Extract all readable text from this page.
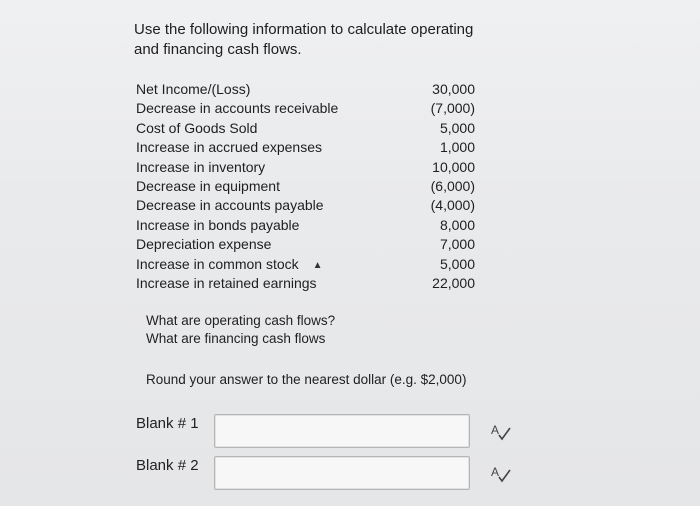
Use the following information to calculate operating
and financing cash flows.
Net Income/(Loss)	30,000
Decrease in accounts receivable	(7,000)
Cost of Goods Sold	5,000
Increase in accrued expenses	1,000
Increase in inventory	10,000
Decrease in equipment	(6,000)
Decrease in accounts payable	(4,000)
Increase in bonds payable	8,000
Depreciation expense	7,000
Increase in common stock ▲	5,000
Increase in retained earnings	22,000
What are operating cash flows?
What are financing cash flows
Round your answer to the nearest dollar (e.g. $2,000)
Blank # 1	A
Blank # 2	A
